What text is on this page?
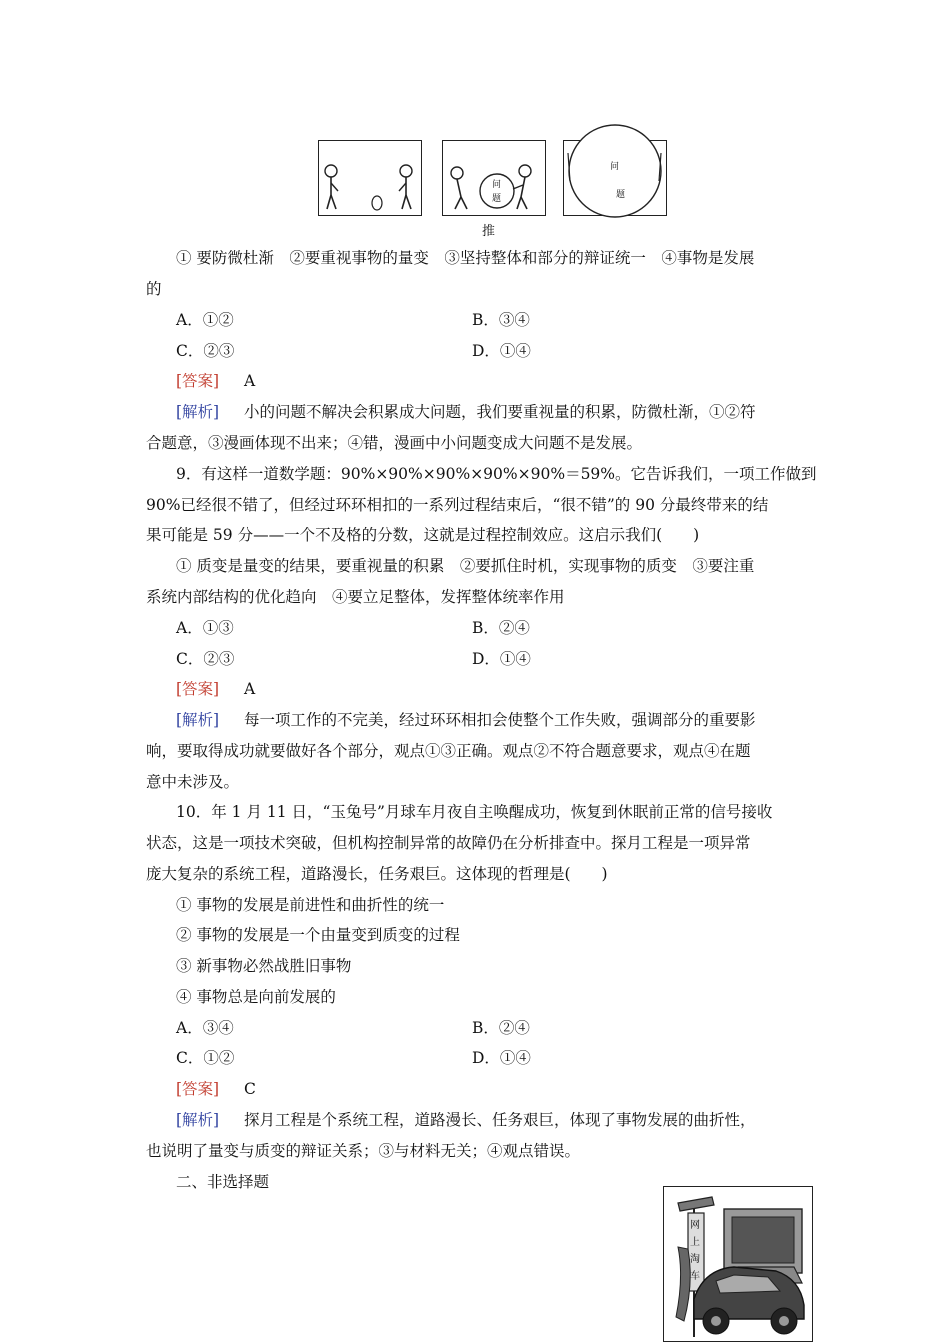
问
题
问
题
推
① 要防微杜渐　②要重视事物的量变　③坚持整体和部分的辩证统一　④事物是发展
的
A．①②	B．③④
C．②③	D．①④
[答案] A
[解析] 小的问题不解决会积累成大问题，我们要重视量的积累，防微杜渐，①②符
合题意，③漫画体现不出来；④错，漫画中小问题变成大问题不是发展。
9．有这样一道数学题：90%×90%×90%×90%×90%＝59%。它告诉我们，一项工作做到
90%已经很不错了，但经过环环相扣的一系列过程结束后，“很不错”的 90 分最终带来的结
果可能是 59 分——一个不及格的分数，这就是过程控制效应。这启示我们(　　)
① 质变是量变的结果，要重视量的积累　②要抓住时机，实现事物的质变　③要注重
系统内部结构的优化趋向　④要立足整体，发挥整体统率作用
A．①③	B．②④
C．②③	D．①④
[答案] A
[解析] 每一项工作的不完美，经过环环相扣会使整个工作失败，强调部分的重要影
响，要取得成功就要做好各个部分，观点①③正确。观点②不符合题意要求，观点④在题
意中未涉及。
10．年 1 月 11 日，“玉兔号”月球车月夜自主唤醒成功，恢复到休眠前正常的信号接收
状态，这是一项技术突破，但机构控制异常的故障仍在分析排查中。探月工程是一项异常
庞大复杂的系统工程，道路漫长，任务艰巨。这体现的哲理是(　　)
① 事物的发展是前进性和曲折性的统一
② 事物的发展是一个由量变到质变的过程
③ 新事物必然战胜旧事物
④ 事物总是向前发展的
A．③④	B．②④
C．①②	D．①④
[答案] C
[解析] 探月工程是个系统工程，道路漫长、任务艰巨，体现了事物发展的曲折性，
也说明了量变与质变的辩证关系；③与材料无关；④观点错误。
二、非选择题
网上淘车
